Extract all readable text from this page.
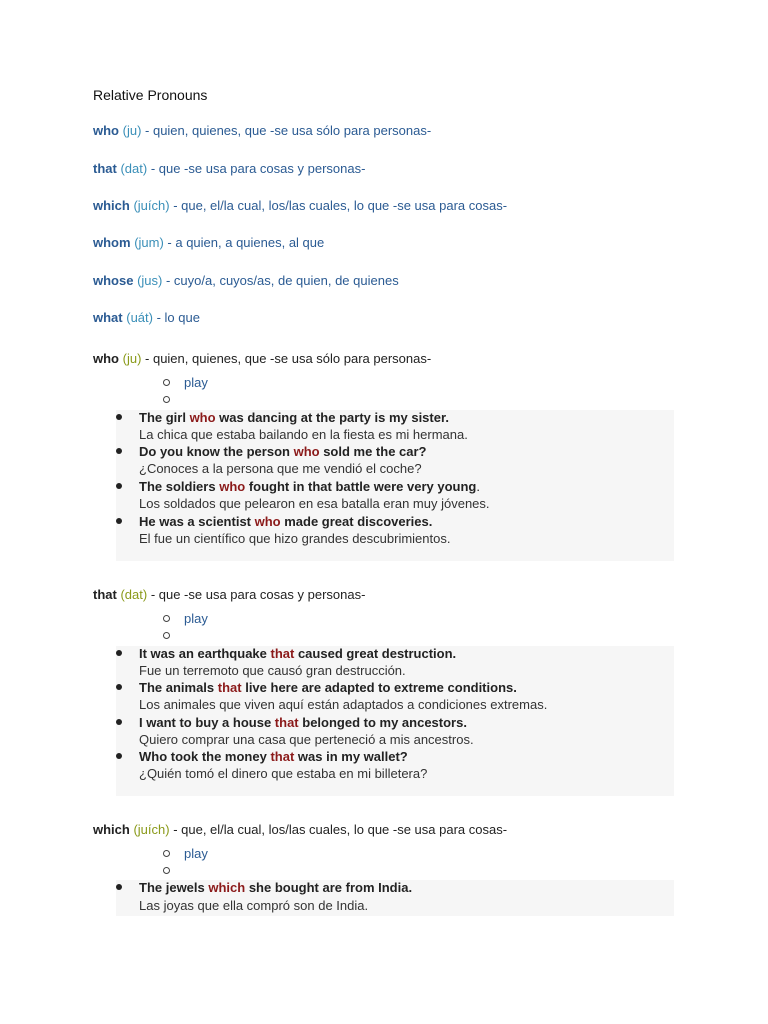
Relative Pronouns
who (ju) - quien, quienes, que -se usa sólo para personas-
that (dat) - que -se usa para cosas y personas-
which (juích) - que, el/la cual, los/las cuales, lo que -se usa para cosas-
whom (jum) - a quien, a quienes, al que
whose (jus) - cuyo/a, cuyos/as, de quien, de quienes
what (uát) - lo que
who (ju) - quien, quienes, que -se usa sólo para personas-
play
The girl who was dancing at the party is my sister.
La chica que estaba bailando en la fiesta es mi hermana.
Do you know the person who sold me the car?
¿Conoces a la persona que me vendió el coche?
The soldiers who fought in that battle were very young.
Los soldados que pelearon en esa batalla eran muy jóvenes.
He was a scientist who made great discoveries.
El fue un científico que hizo grandes descubrimientos.
that (dat) - que -se usa para cosas y personas-
play
It was an earthquake that caused great destruction.
Fue un terremoto que causó gran destrucción.
The animals that live here are adapted to extreme conditions.
Los animales que viven aquí están adaptados a condiciones extremas.
I want to buy a house that belonged to my ancestors.
Quiero comprar una casa que perteneció a mis ancestros.
Who took the money that was in my wallet?
¿Quién tomó el dinero que estaba en mi billetera?
which (juích) - que, el/la cual, los/las cuales, lo que -se usa para cosas-
play
The jewels which she bought are from India.
Las joyas que ella compró son de India.
